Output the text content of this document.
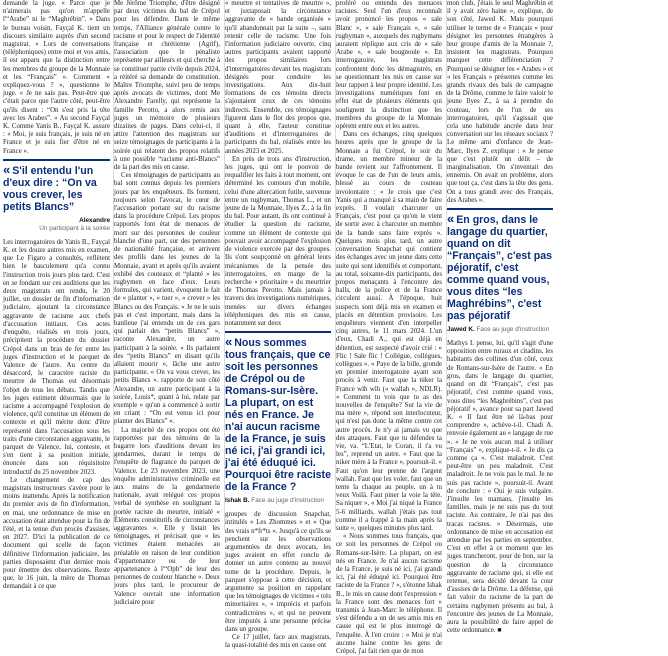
demande la juge. « Parce que je n'aimerais pas qu'on m'appelle l'“Arabe” ni le “Maghrébin”. » Dans le bureau voisin, Fayçal K. tient un discours similaire auprès d'un second magistrat. « Lors de conversations (téléphoniques) entre moi et vos amis, il est apparu que la distinction entre les membres du groupe de la Monnaie et les “Français” ». Comment « expliquez-vous ? », questionne le juge. « Je ne sais pas. Peut-être que c'était parce que l'autre côté, peut-être qu'ils disent : “On s'est pris la tête avec les Arabes”. » Au second Fayçal K. Comme Yanis B., Fayçal K. assure : « Moi, je suis français, je suis né en France et je suis fier d'être né en France ».

« S'il entendu l'un d'eux dire : “On va vous crever, les petits Blancs”
Alexandre
Un participant à la soirée

Les interrogatoires de Yanis B., Fayçal K. et les douze autres mis en examen, que Le Figaro a consultés, reflètent bien le basculement qu'a connu l'instruction trois jours plus tard. C'est en se fondant sur ces auditions que les deux magistrats ont rendu, le 20 juillet, un dossier de fin d'information judiciaire, ajoutant la circonstance aggravante de racisme aux chefs d'accusation initiaux. Ces actes d'enquête, réalisés en trois jours, précipitent la procédure du dossier Crépol dans un bras de fer entre les juges d'instruction et le parquet de Valence de l'autre. Au centre du désaccord, le caractère raciste du meurtre de Thomas est désormais l'objet de tous les débats. Tandis que les juges estiment désormais que le racisme a accompagné l'explosion de violence, qu'il constitue un élément de contexte et qu'il mérite donc d'être représenté dans l'accusation sous les traits d'une circonstance aggravante, le parquet de Valence, lui, conteste, et s'en tient à sa position initiale, énoncée dans son réquisitoire introductif du 25 novembre 2023.

Le changement de cap des magistrats instructeurs s'avère pour le moins inattendu. Après la notification du premier avis de fin d'information, en mai, une ordonnance de mise en accusation était attendue pour la fin de l'été, et la tenue d'un procès d'assises, en 2027. D'ici la publication de ce document qui scelle de façon définitive l'information judiciaire, les parties disposaient d'un dernier mois pour émettre des observations. Reste que, le 16 juin, la mère de Thomas demandait à ce que

Me Jérôme Triomphe, d'être désigné par deux victimes du bal de Crépol pour les défendre. Dans le même temps, l'Alliance générale contre le racisme et pour le respect de l'identité française et chrétienne (Agrif), l'association que le pénaliste représente par ailleurs et qui cherche à se constituer partie civile depuis 2024, a réitéré sa demande de constitution. Maître Triomphe, suivi peu de temps après avocats de victimes, dont Me Alexandre Farelly, qui représente la famille Perotto, a alors remis aux juges un mémoire de plusieurs dizaines de pages. Dans celui-ci, il attire l'attention des magistrats sur seize témoignages de participants à la soirée qui relatent des propos relatifs à une possible “racisme anti-Blancs” de la part des mis en cause.

Ces témoignages de participants au bal sont connus depuis les premiers jours par les enquêteurs. Ils forment, toujours selon l'avocat, le cœur de l'accusation portant sur du racisme dans la procédure Crépol. Les propos rapportés font état de menaces de mort sur des personnes de couleur blanche d'une part, sur des personnes de nationalité française, et arrivent des profils dans les jeunes de la Monnaie, avant et après qu'ils avaient exhibé des couteaux et “planté » les rugbymen en face d'eux. Leurs formules, qui varient, évoquent le fait de « planter », « tuer », « crever » les Blancs ou des Français. « Je ne le suis pas et c'est important, mais dans la banlieue j'ai entendu un de ces gars qui parlait des “petits Blancs” », raconte Alexandre, un autre participant à la soirée. « Ils parlaient des “petits Blancs” en disant qu'ils allaient mourir », lâche une autre participante. « On va vous crever, les petits Blancs ». rapporte de son côté Alexandre, un autre participant à la soirée, Louis*, quant à lui, relate par exemple « qu'un a commencé à sortir en criant : “On est venus ici pour planter des Blancs” ».

La majorité de ces propos ont été rapportées par des témoins de la bagarre lors d'auditions devant les gendarmes, durant le temps de l'enquête de flagrance du parquet de Valence. Le 23 novembre 2023, une enquête administrative criminelle est aux mains de la gendarmerie nationale, avait relégué ces propos verbal de synthèse en soulignant la portée raciste du meurtre, initialé « Éléments constitutifs de circonstances aggravantes ». Elle y listait les témoignages, et précisait que « les victimes étaient menacées au préalable en raison de leur condition d'appartenance ou de leur appartenance à l'“Oph” de leur des personnes de couleur blanche ». Deux jours plus tard, le procureur de Valence ouvrait une information judiciaire pour

« meurtre et tentatives de meurtre », et juxtaposait la circonstance aggravante de « bande organisée » qu'il abandonnait par la suite –, sans retenir celle de racisme. Une fois l'information judiciaire ouverte, cinq autres participants avaient rapporté des propos similaires lors d'interrogatoires devant les magistrats désignés pour conduire les investigations. Aux dix-huit formations de ces témoins directs s'ajoutaient ceux de ces témoins indirects. Ensemble, ces témoignages figurent dans le flot des propos que, quant à elle, l'auteur constitue d'auditions et d'interrogatoires de participants du bal, réalisés entre les années 2023 et 2025.

En près de trois ans d'instruction, les juges, qui ont le pouvoir de requalifier les faits à tout moment, ont déterminé les contours d'un mobile, celui d'une altercation futile, survenue entre un rugbyman, Thomas L., et un jeune de la Monnaie, Ilyes Z., à la fin du bal. Pour autant, ils ont continué à étudier la question du racisme, comme un élément de contexte qui pouvait avoir accompagné l'explosion de violence exercée par des groupes. Ils s'ont soupçonné en général leurs mécanismes de la pensée des interrogatoires, en marge de la recherche « prioritaire » du meurtrier de Thomas Perotto. Mais jamais à travers des investigations numériques, menées sur divers échanges téléphoniques des mis en cause, notamment sur deux

« Nous sommes tous français, que ce soit les personnes de Crépol ou de Romans-sur-Isère. La plupart, on est nés en France. Je n'ai aucun racisme de la France, je suis né ici, j'ai grandi ici, j'ai été éduqué ici. Pourquoi être raciste de la France ?
Ishak B. Face au juge d'instruction

groupes de discussion Snapchat, intitulés « Les Zhommes » et « Que des vrais n*fr*ts ». Jusqu'à ce qu'ils se penchent sur les observations argumentées de deux avocats, les juges avaient en effet conclu de donner un autre contenu au nouvel tome de la procédure. Depuis, le parquet s'oppose à cette décision, et argumente sa position en rappelant que les témoignages de victimes « très minoritaires », « imprécis et parfois contradictoires », et qui ne peuvent être imputés à une personne précise dans un groupe.

Ce 17 juillet, face aux magistrats, la quasi-totalité des mis en cause ont

proféré ou entendu des menaces racistes. Seul l'un d'eux reconnaît avoir prononcé les propos « sale Blanc », « sale Français », « sale rugbyman », auxquels des rugbymans auraient réplique aux cris de « sale Arabe », « sale bougnoule ». En interrogatoire, les magistrats confrontent donc les démagistrés, en se questionnant les mis en cause sur leur rapport à leur propre identité. Les investigations numériques font en effet état de plusieurs éléments qui soulignent la distinction que les membres du groupe de la Monnaie opèrent entre eux et les autres.

Dans ces échanges, cinq quelques heures après que le groupe de la Monnaie a fui Crépol, le soir du drame, un membre mineur de la bande revient sur l'affrontement. Il évoque le cas de l'un de leurs amis, blessé au cours de couteau involontaire : « Je crois que c'est Yanis qui a manqué à sa main de faire exprès. Il voulait charcuter un Français, c'est pour ça qu'on le vient de sortir avec à charcuter un membre de la bande sans faire exprès ». Quelques mois plus tard, un autre conversation Snapchat qui contient des échanges avec un jeune dans cette suite qui sont identifiés et comportant, au total, soixante-dix participants, des propos menaçants à l'encontre des halls, de la police et de la France circulent aussi. À l'époque, huit suspects sont déjà mis en examen et placés en détention provisoire. Les enquêteurs viennent d'en interpeller cinq autres, le 11 mars 2024. L'un d'eux, Chadi A., qui est déjà en détention, est suspecté d'avoir crié : « Flic ! Sale flic ! Collégue, collègues, collègues ». « Paye de la bille, gronde en premier interrogatoire ayant son procès à venir. Faut que la niker la France wlh wlh (« wallah », NDLR). « Comment tu vois que tu as des nouvelles de l'enquête? Sur la vie de ma mère », répond son interlocuteur, qui n'est pas donc la même contre cet autre procès. Je n'y ai jamais vu que des attaques. Faut que tu défendes ta vie, va. “L'Etat, le Coran, il t'a vu les”, reprend un autre. « Faut que la niker mère à la France », poursuit-il. « Faut qu'on leur prenne de l'argent wallah. Faut que les voler, faut que un tente la chaque au peuple, un à tu veux Voilà. Faut piner la voie la tête. Sa niquer », « Moi j'ai niqué la France 5-6 milliards, wallah j'étais pas tout comme il a frappé à la main après la suite », quelques minutes plus tard.

« Nous sommes tous français, que ce soit les personnes de Crépol ou Romans-sur-Isère. La plupart, on est nés en France. Je n'ai aucun racisme de la France, je suis né ici, j'ai grandi ici, j'ai été éduqué ici. Pourquoi être raciste de la France ? », s'étonne Ishak B., le mis en cause dont l'expression « la France sont des menaces fort » transmis à Jean-Marc le téléphone. Il s'est défendu a un de ses amis mis en cause qui est le plus interrogé de l'enquête. À l'en croire : « Moi je n'ai aucune haine contre les gens de Crépol, j'ai fait rien que de mon

mon club, j'étais le seul Maghrébin et il y avait zéro haine », explique, de son côté, Jawed K. Mais pourquoi utiliser le terme de « Français » pour désigner les personnes étrangères à leur groupe d'amis de la Monnaie ?, insistent les magistrats. Pourquoi marquer cette différenciation ? Pourquoi se désigner les « Arabes » et « les Français » présentes comme les grands rivaux des bals de campagne de la Drôme, comme le faire valoir le jeune Ilyes Z., à sa à prendre du couteau, lors de l'un de ses interrogatoires, qu'il s'agissait que cela une habitude ancrée dans leur conversation sur les réseaux sociaux ? Le même ami d'enfance de Jean-Marc, Ilyes Z. explique : « Je pense que c'est plutôt un délit – de marginalisation. On s'inventait des ennemis. On avait un problème, alors que tout ça, c'est dans la tête des gens. On a tous grandi avec des Français, des Arabes ».

« En gros, dans le langage du quartier, quand on dit “Français”, c'est pas péjoratif, c'est comme quand vous, vous dites “les Maghrébins”, c'est pas péjoratif
Jawed K. Face au juge d'instruction

Mathys I. pense, lui, qu'il s'agit d'une opposition entre ruraux et citadins, les habitants des collines d'un côté, ceux de Romans-sur-Isère de l'autre. « En gros, dans le langage du quartier, quand on dit “Français”, c'est pas péjoratif, c'est comme quand vous, vous dites “les Maghrébins”, c'est pas péjoratif », avance pour sa part Jawed K. « Il faut être né là-bas pour comprendre », achève-t-il. Chadi A. renvoie également au « langage de rue ». « Je ne vois aucun mal à utiliser “Français” », explique-t-il. « Je dis ça comme ça ». C'est maladroit. C'est peut-être un peu maladroit. C'est maladroit. Je ne vois pas le mal. Je ne suis pas raciste », poursuit-il. Avant de conclure : « Oui je suis vulgaire. J'insulte les mamans, j'insulte les familles, mais je ne suis pas du tout raciste. Au contraire, Je n'ai pas des tracas racistes. » Désormais, une ordonnance de mise en accusation est attendue par les parties en septembre. C'est en effet à ce moment que les juges trancheront, pour de bon, sur la question de la circonstance aggravante de racisme qui, si elle est retenue, sera décidé devant la cour d'assises de la Drôme. La défense, qui fait valoir du racisme de la part de certains rugbymen présents au bal, à l'encontre des jeunes de La Monnaie, aura la possibilité de faire appel de cette ordonnance. ■
